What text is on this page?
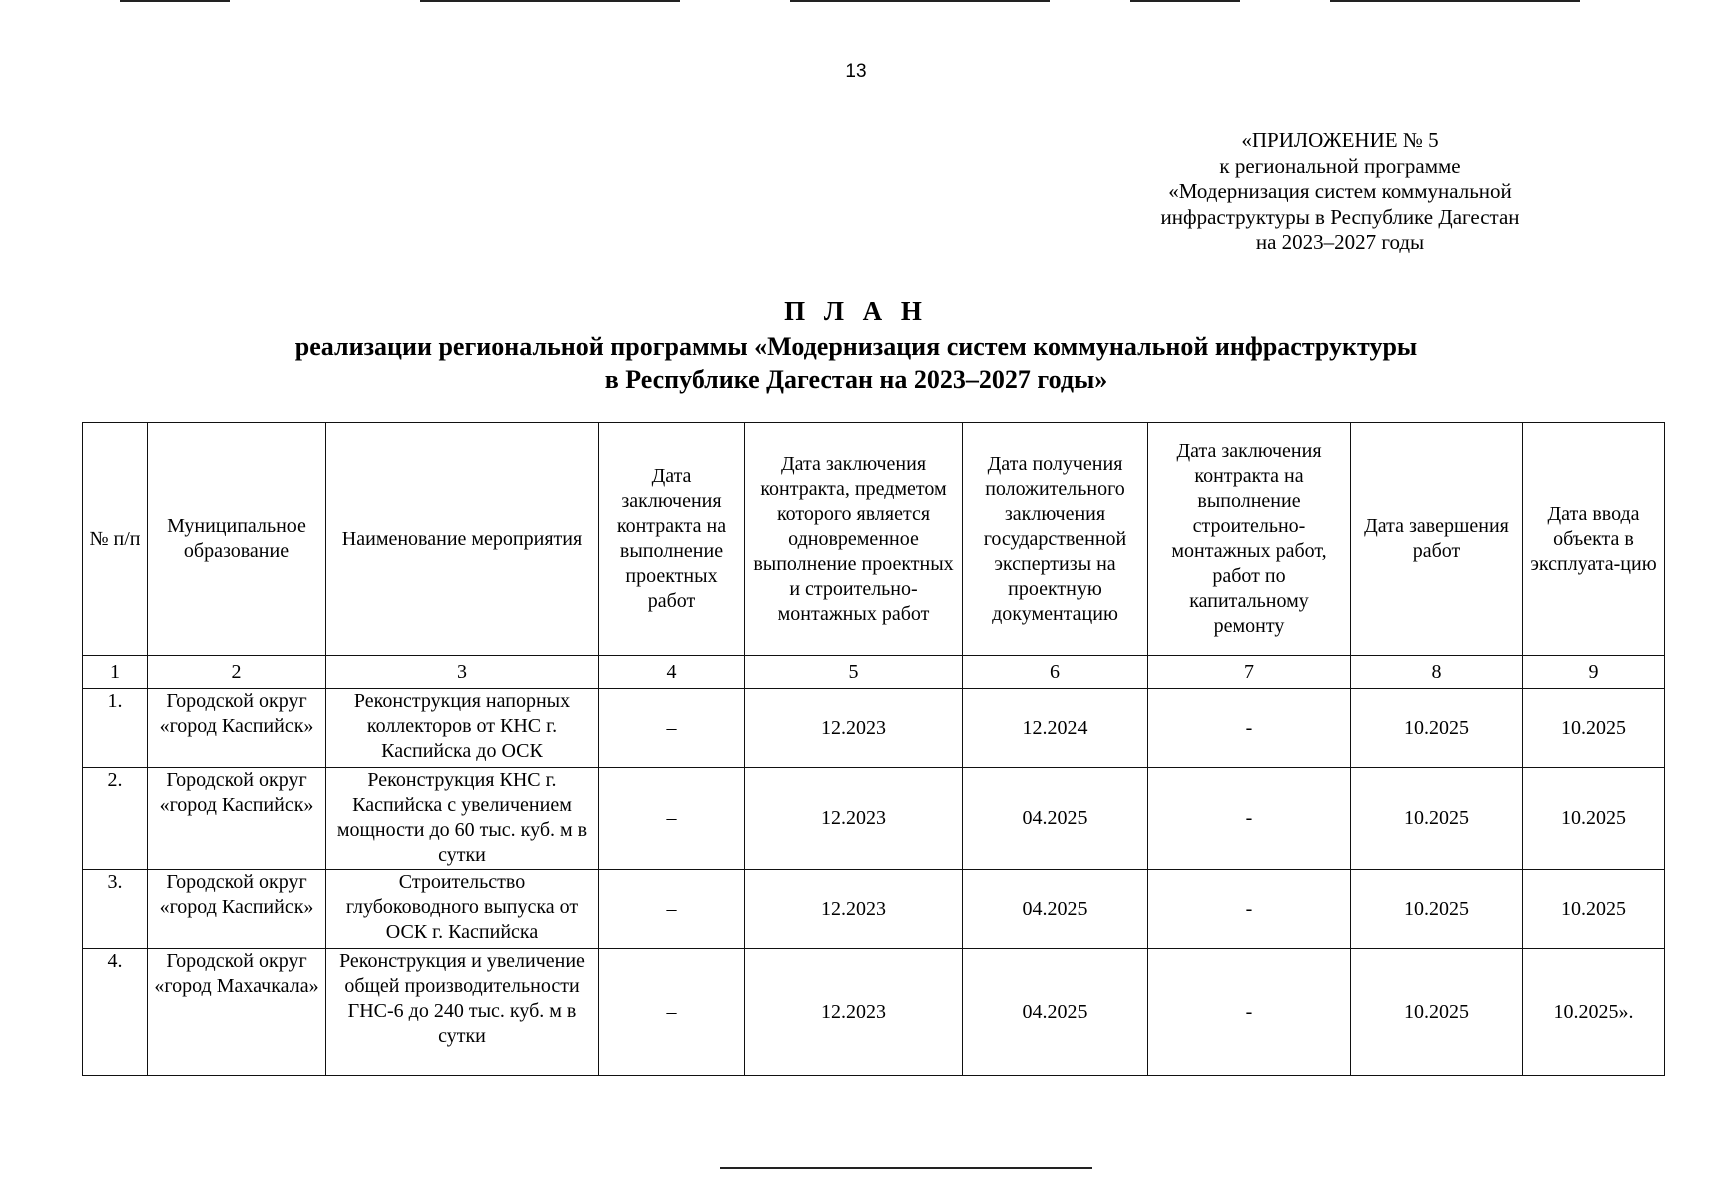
13
«ПРИЛОЖЕНИЕ № 5
к региональной программе
«Модернизация систем коммунальной
инфраструктуры в Республике Дагестан
на 2023–2027 годы
П Л А Н
реализации региональной программы «Модернизация систем коммунальной инфраструктуры
в Республике Дагестан на 2023–2027 годы»
№ п/п	Муниципальное образование	Наименование мероприятия	Дата заключения контракта на выполнение проектных работ	Дата заключения контракта, предметом которого является одновременное выполнение проектных и строительно-монтажных работ	Дата получения положительного заключения государственной экспертизы на проектную документацию	Дата заключения контракта на выполнение строительно-монтажных работ, работ по капитальному ремонту	Дата завершения работ	Дата ввода объекта в эксплуата-цию
1	2	3	4	5	6	7	8	9
1.	Городской округ «город Каспийск»	Реконструкция напорных коллекторов от КНС г. Каспийска до ОСК	–	12.2023	12.2024	-	10.2025	10.2025
2.	Городской округ «город Каспийск»	Реконструкция КНС г. Каспийска с увеличением мощности до 60 тыс. куб. м в сутки	–	12.2023	04.2025	-	10.2025	10.2025
3.	Городской округ «город Каспийск»	Строительство глубоководного выпуска от ОСК г. Каспийска	–	12.2023	04.2025	-	10.2025	10.2025
4.	Городской округ «город Махачкала»	Реконструкция и увеличение общей производительности ГНС-6 до 240 тыс. куб. м в сутки	–	12.2023	04.2025	-	10.2025	10.2025».
